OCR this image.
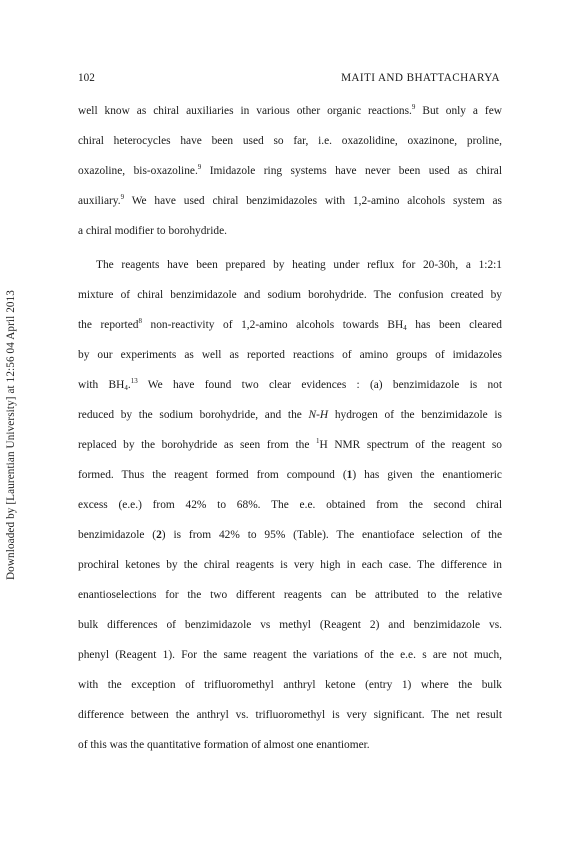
Downloaded by [Laurentian University] at 12:56 04 April 2013
102	MAITI AND BHATTACHARYA
well know as chiral auxiliaries in various other organic reactions.$^9$ But only a few
chiral heterocycles have been used so far, i.e. oxazolidine, oxazinone, proline,
oxazoline, bis-oxazoline.$^9$ Imidazole ring systems have never been used as chiral
auxiliary.$^9$ We have used chiral benzimidazoles with 1,2-amino alcohols system as
a chiral modifier to borohydride.
The reagents have been prepared by heating under reflux for 20-30h, a 1:2:1
mixture of chiral benzimidazole and sodium borohydride. The confusion created by
the reported$^8$ non-reactivity of 1,2-amino alcohols towards $BH_4$ has been cleared
by our experiments as well as reported reactions of amino groups of imidazoles
with $BH_4.^{13}$ We have found two clear evidences : (a) benzimidazole is not
reduced by the sodium borohydride, and the N-H hydrogen of the benzimidazole is
replaced by the borohydride as seen from the $^1$H NMR spectrum of the reagent so
formed. Thus the reagent formed from compound (1) has given the enantiomeric
excess (e.e.) from 42% to 68%. The e.e. obtained from the second chiral
benzimidazole (2) is from 42% to 95% (Table). The enantioface selection of the
prochiral ketones by the chiral reagents is very high in each case. The difference in
enantioselections for the two different reagents can be attributed to the relative
bulk differences of benzimidazole vs methyl (Reagent 2) and benzimidazole vs.
phenyl (Reagent 1). For the same reagent the variations of the e.e. s are not much,
with the exception of trifluoromethyl anthryl ketone (entry 1) where the bulk
difference between the anthryl vs. trifluoromethyl is very significant. The net result
of this was the quantitative formation of almost one enantiomer.
